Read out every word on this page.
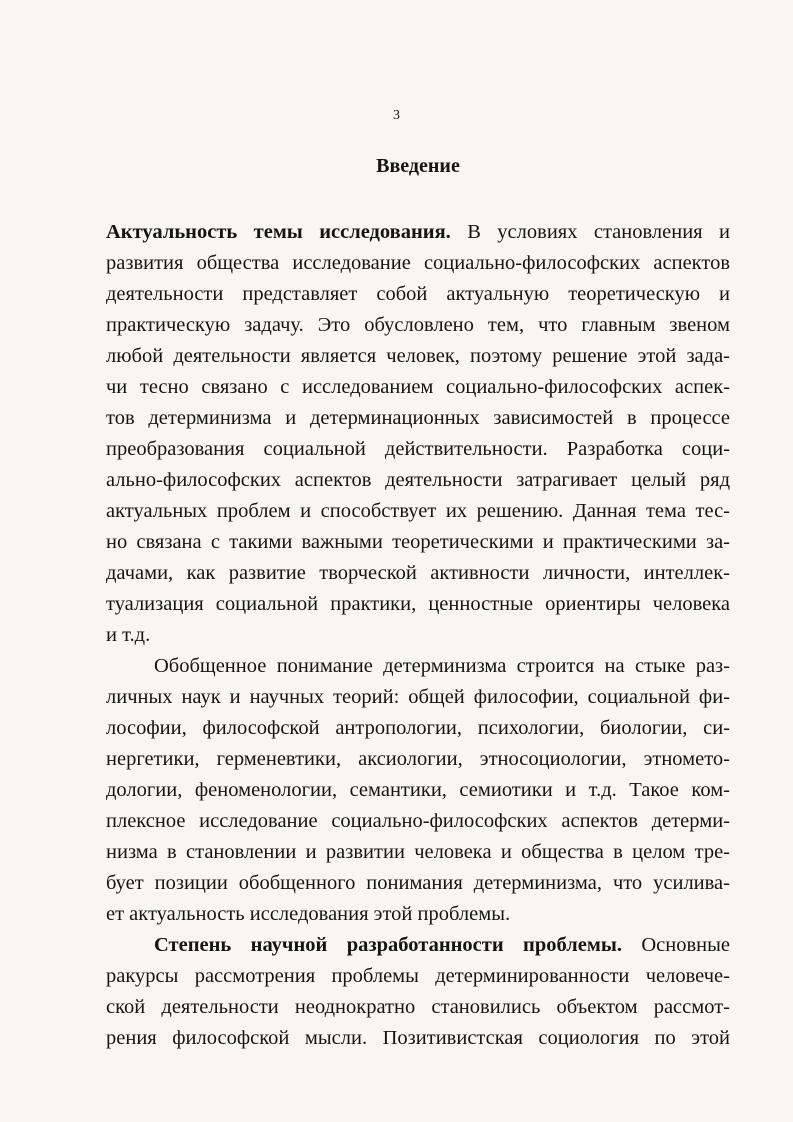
3
Введение
Актуальность темы исследования. В условиях становления и
развития общества исследование социально-философских аспектов
деятельности представляет собой актуальную теоретическую и
практическую задачу. Это обусловлено тем, что главным звеном
любой деятельности является человек, поэтому решение этой зада-
чи тесно связано с исследованием социально-философских аспек-
тов детерминизма и детерминационных зависимостей в процессе
преобразования социальной действительности. Разработка соци-
ально-философских аспектов деятельности затрагивает целый ряд
актуальных проблем и способствует их решению. Данная тема тес-
но связана с такими важными теоретическими и практическими за-
дачами, как развитие творческой активности личности, интеллек-
туализация социальной практики, ценностные ориентиры человека
и т.д.
Обобщенное понимание детерминизма строится на стыке раз-
личных наук и научных теорий: общей философии, социальной фи-
лософии, философской антропологии, психологии, биологии, си-
нергетики, герменевтики, аксиологии, этносоциологии, этномето-
дологии, феноменологии, семантики, семиотики и т.д. Такое ком-
плексное исследование социально-философских аспектов детерми-
низма в становлении и развитии человека и общества в целом тре-
бует позиции обобщенного понимания детерминизма, что усилива-
ет актуальность исследования этой проблемы.
Степень научной разработанности проблемы. Основные
ракурсы рассмотрения проблемы детерминированности человече-
ской деятельности неоднократно становились объектом рассмот-
рения философской мысли. Позитивистская социология по этой
